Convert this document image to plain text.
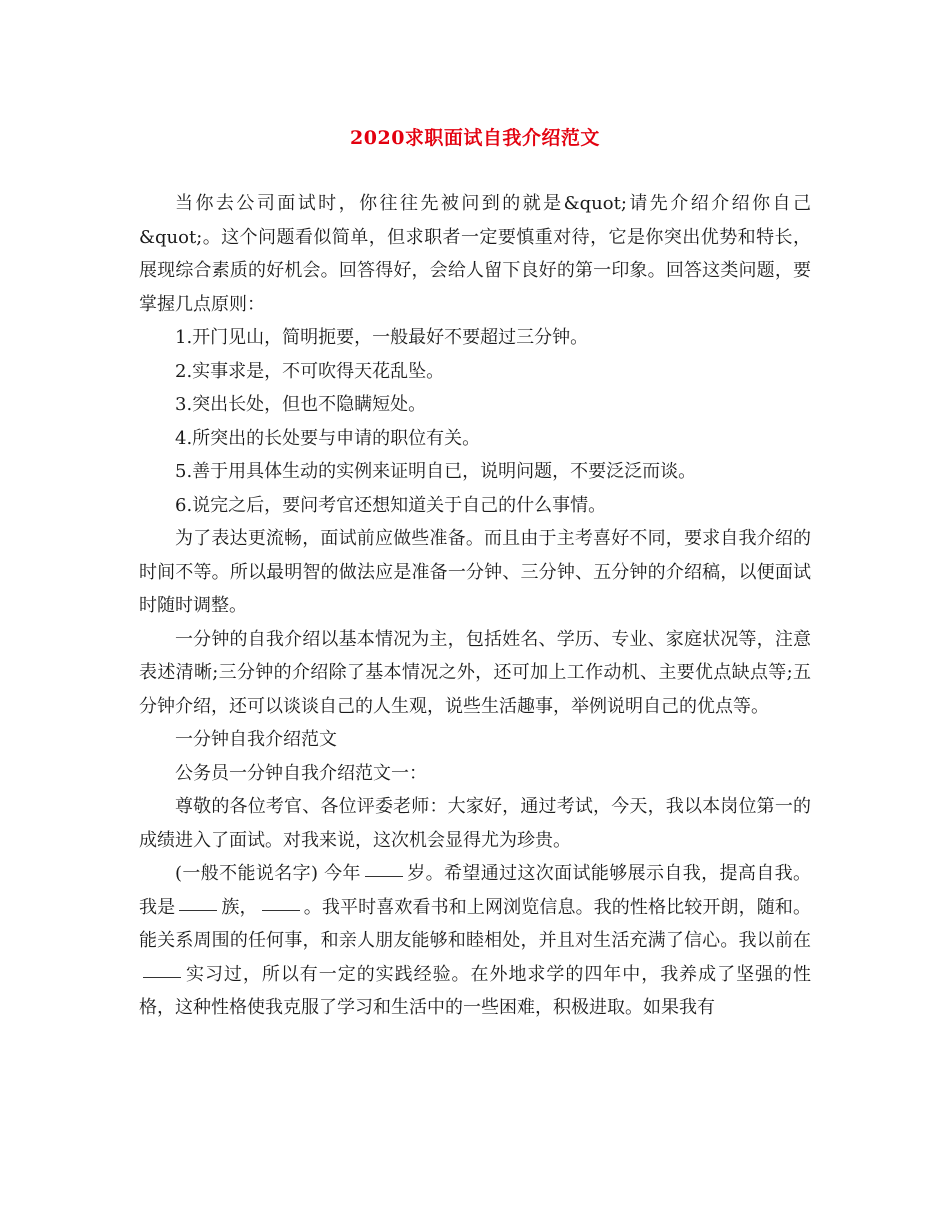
2020求职面试自我介绍范文

当你去公司面试时，你往往先被问到的就是&quot;请先介绍介绍你自己&quot;。这个问题看似简单，但求职者一定要慎重对待，它是你突出优势和特长，展现综合素质的好机会。回答得好，会给人留下良好的第一印象。回答这类问题，要掌握几点原则：

1.开门见山，简明扼要，一般最好不要超过三分钟。

2.实事求是，不可吹得天花乱坠。

3.突出长处，但也不隐瞒短处。

4.所突出的长处要与申请的职位有关。

5.善于用具体生动的实例来证明自已，说明问题，不要泛泛而谈。

6.说完之后，要问考官还想知道关于自己的什么事情。

为了表达更流畅，面试前应做些准备。而且由于主考喜好不同，要求自我介绍的时间不等。所以最明智的做法应是准备一分钟、三分钟、五分钟的介绍稿，以便面试时随时调整。

一分钟的自我介绍以基本情况为主，包括姓名、学历、专业、家庭状况等，注意表述清晰;三分钟的介绍除了基本情况之外，还可加上工作动机、主要优点缺点等;五分钟介绍，还可以谈谈自己的人生观，说些生活趣事，举例说明自己的优点等。

一分钟自我介绍范文

公务员一分钟自我介绍范文一：

尊敬的各位考官、各位评委老师：大家好，通过考试，今天，我以本岗位第一的成绩进入了面试。对我来说，这次机会显得尤为珍贵。

(一般不能说名字) 今年	岁。希望通过这次面试能够展示自我，提高自我。我是	族，	。我平时喜欢看书和上网浏览信息。我的性格比较开朗，随和。能关系周围的任何事，和亲人朋友能够和睦相处，并且对生活充满了信心。我以前在实习过，所以有一定的实践经验。在外地求学的四年中，我养成了坚强的性格，这种性格使我克服了学习和生活中的一些困难，积极进取。如果我有
